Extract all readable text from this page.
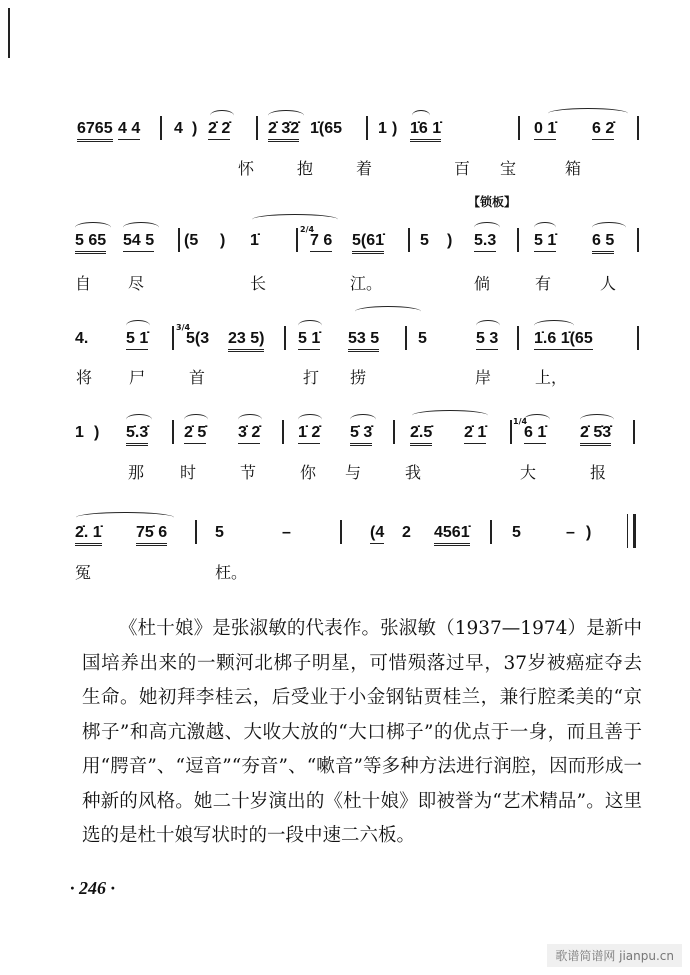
6765 4 4 4 ) 2̇ 2̇ 2̇ 3̇2̇ 1̇(65 1 ) 1̇6 1̇	0 1̇ 6 2̇
怀	抱	着	百 宝	箱
【锁板】
5 65 54 5 (5 ) 1̇
2/4
7 6 5(61̇ 5 ) 5.3 5 1̇ 6 5
自 尽	长	江。	倘	有	人
4. 5 1̇
3/4
5(3 23 5) 5 1̇ 53 5 5	5 3 1̇.6 1̇(65
将 尸	首	打 捞	岸	上，
1 ) 5̇.3̇ 2̇ 5̇ 3̇ 2̇ 1̇ 2̇ 5̇ 3̇ 2̇.5̇ 2̇ 1̇
1/4
6 1̇ 2̇ 5̇3̇
那 时	节	你 与	我	大	报
2̇. 1̇ 75̇ 6	5	–	(4 2 4561̇	5	– )
冤	枉。

《杜十娘》是张淑敏的代表作。张淑敏（1937—1974）是新中国培养出来的一颗河北梆子明星，可惜殒落过早，37岁被癌症夺去生命。她初拜李桂云，后受业于小金钢钻贾桂兰，兼行腔柔美的“京梆子”和高亢激越、大收大放的“大口梆子”的优点于一身，而且善于用“腭音”、“逗音”“夯音”、“嗽音”等多种方法进行润腔，因而形成一种新的风格。她二十岁演出的《杜十娘》即被誉为“艺术精品”。这里选的是杜十娘写状时的一段中速二六板。

· 246 ·
歌谱简谱网 jianpu.cn
